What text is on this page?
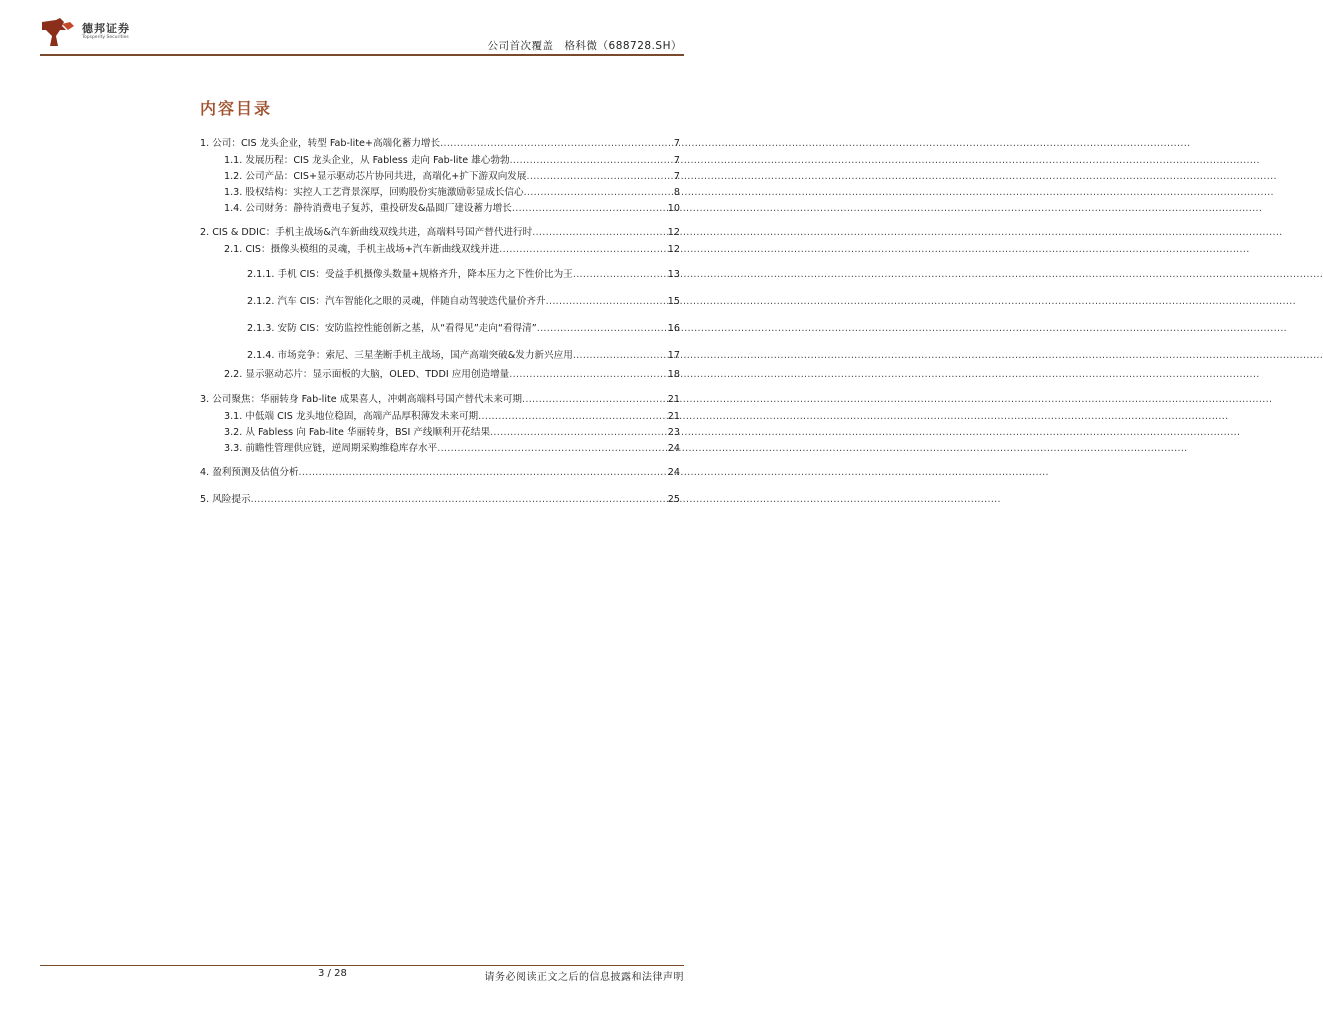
德邦证券
Topsperity Securities
公司首次覆盖　格科微（688728.SH）
内容目录
1. 公司：CIS 龙头企业，转型 Fab-lite+高端化蓄力增长 .....	7
1.1. 发展历程：CIS 龙头企业，从 Fabless 走向 Fab-lite 雄心勃勃 .....	7
1.2. 公司产品：CIS+显示驱动芯片协同共进，高端化+扩下游双向发展 .....	7
1.3. 股权结构：实控人工艺背景深厚，回购股份实施激励彰显成长信心 .....	8
1.4. 公司财务：静待消费电子复苏，重投研发&晶圆厂建设蓄力增长 .....	10
2. CIS & DDIC：手机主战场&汽车新曲线双线共进，高端料号国产替代进行时 .....	12
2.1. CIS：摄像头模组的灵魂，手机主战场+汽车新曲线双线并进 .....	12
2.1.1. 手机 CIS：受益手机摄像头数量+规格齐升，降本压力之下性价比为王 .....	13
2.1.2. 汽车 CIS：汽车智能化之眼的灵魂，伴随自动驾驶迭代量价齐升 .....	15
2.1.3. 安防 CIS：安防监控性能创新之基，从“看得见”走向“看得清” .....	16
2.1.4. 市场竞争：索尼、三星垄断手机主战场，国产高端突破&发力新兴应用 .....	17
2.2. 显示驱动芯片：显示面板的大脑，OLED、TDDI 应用创造增量 .....	18
3. 公司聚焦：华丽转身 Fab-lite 成果喜人，冲刺高端料号国产替代未来可期 .....	21
3.1. 中低端 CIS 龙头地位稳固，高端产品厚积薄发未来可期 .....	21
3.2. 从 Fabless 向 Fab-lite 华丽转身，BSI 产线顺利开花结果 .....	23
3.3. 前瞻性管理供应链，逆周期采购维稳库存水平 .....	24
4. 盈利预测及估值分析 .....	24
5. 风险提示 .....	25
3 / 28	请务必阅读正文之后的信息披露和法律声明
